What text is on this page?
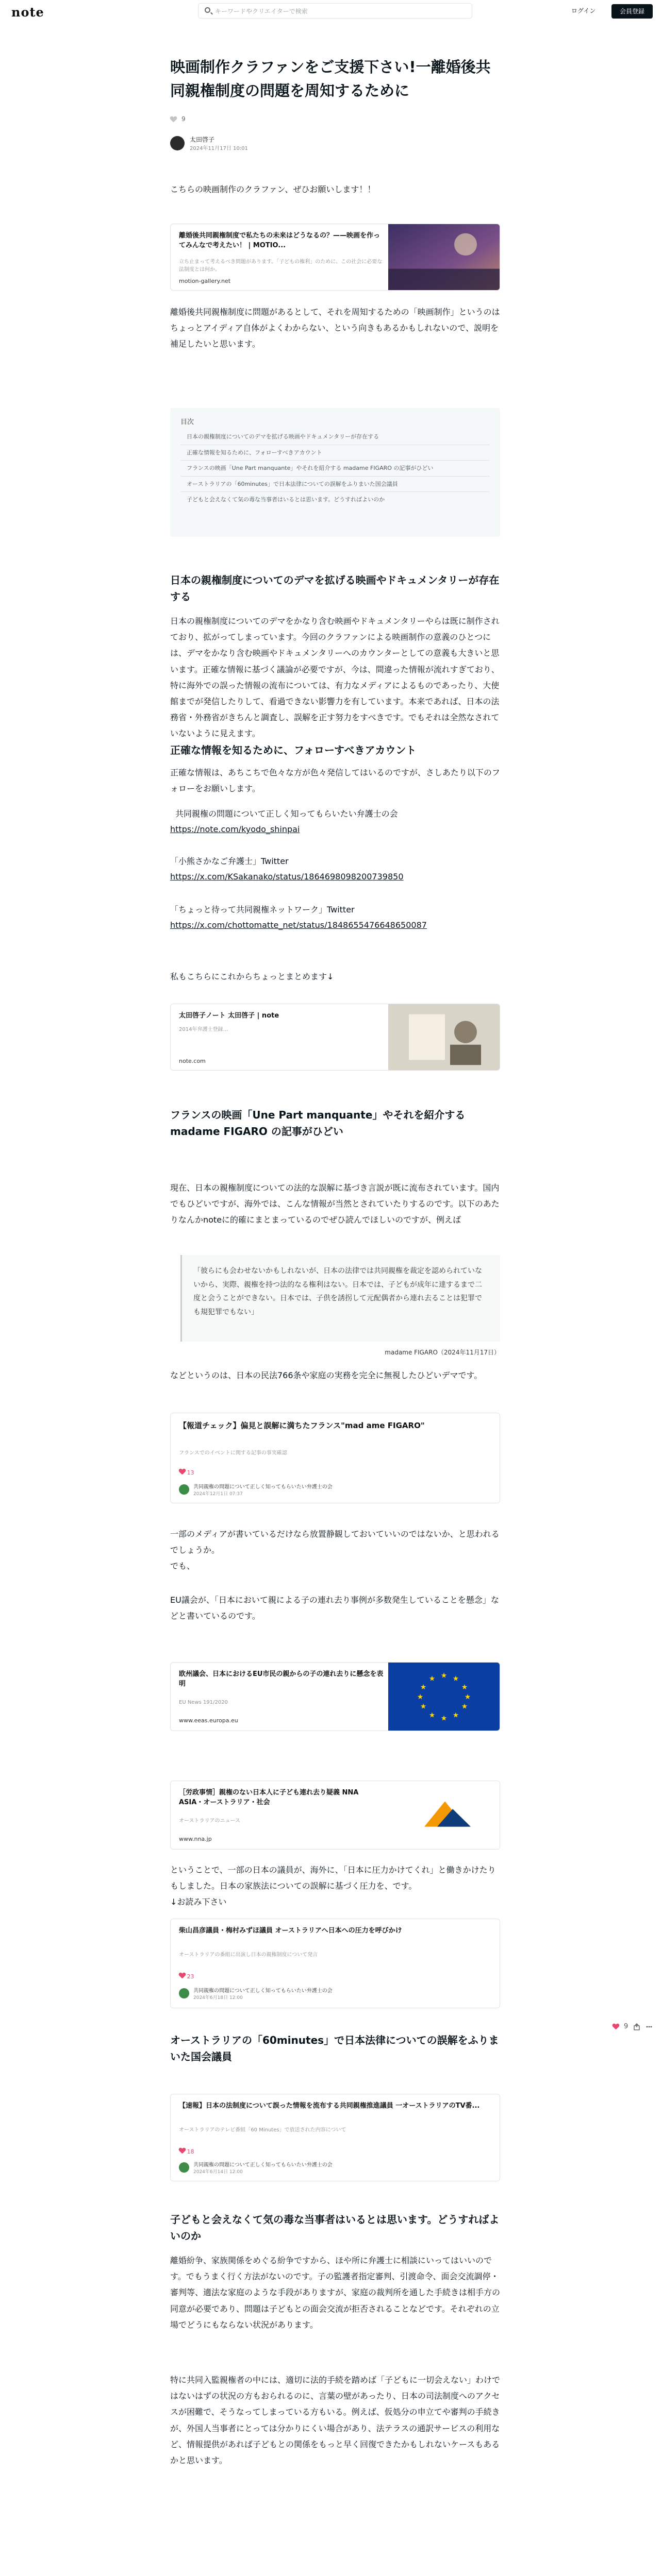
note
キーワードやクリエイターで検索	ログイン	会員登録
映画制作クラファンをご支援下さい!一離婚後共同親権制度の問題を周知するために
9
太田啓子
2024年11月17日 10:01

こちらの映画制作のクラファン、ぜひお願いします！！

離婚後共同親権制度で私たちの未来はどうなるの？——映画を作ってみんなで考えたい！ | MOTIO...
立ち止まって考えるべき問題があります。「子どもの権利」のために、この社会に必要な法制度とは何か。
motion-gallery.net

離婚後共同親権制度に問題があるとして、それを周知するための「映画制作」というのはちょっとアイディア自体がよくわからない、という向きもあるかもしれないので、説明を補足したいと思います。

目次
日本の親権制度についてのデマを拡げる映画やドキュメンタリーが存在する
正確な情報を知るために、フォローすべきアカウント
フランスの映画「Une Part manquante」やそれを紹介する madame FIGARO の記事がひどい
オーストラリアの「60minutes」で日本法律についての誤解をふりまいた国会議員
子どもと会えなくて気の毒な当事者はいるとは思います。どうすればよいのか
日本の親権制度についてのデマを拡げる映画やドキュメンタリーが存在する

日本の親権制度についてのデマをかなり含む映画やドキュメンタリーやらは既に制作されており、拡がってしまっています。今回のクラファンによる映画制作の意義のひとつには、デマをかなり含む映画やドキュメンタリーへのカウンターとしての意義も大きいと思います。正確な情報に基づく議論が必要ですが、今は、間違った情報が流れすぎており、特に海外での誤った情報の流布については、有力なメディアによるものであったり、大使館までが発信したりして、看過できない影響力を有しています。本来であれば、日本の法務省・外務省がきちんと調査し、誤解を正す努力をすべきです。でもそれは全然なされていないように見えます。

正確な情報を知るために、フォローすべきアカウント

正確な情報は、あちこちで色々な方が色々発信してはいるのですが、さしあたり以下のフォローをお願いします。

共同親権の問題について正しく知ってもらいたい弁護士の会

https://note.com/kyodo_shinpai

「小熊さかなご弁護士」Twitter

https://x.com/KSakanako/status/1864698098200739850

「ちょっと待って共同親権ネットワーク」Twitter

https://x.com/chottomatte_net/status/1848655476648650087

私もこちらにこれからちょっとまとめます↓

太田啓子ノート 太田啓子 | note
2014年弁護士登録…
note.com
フランスの映画「Une Part manquante」やそれを紹介するmadame FIGARO の記事がひどい

現在、日本の親権制度についての法的な誤解に基づき言説が既に流布されています。国内でもひどいですが、海外では、こんな情報が当然とされていたりするのです。以下のあたりなんかnoteに的確にまとまっているのでぜひ読んでほしいのですが、例えば

「彼らにも会わせないかもしれないが、日本の法律では共同親権を裁定を認められていないから、実際、親権を持つ法的なる権利はない。日本では、子どもが成年に達するまで二度と会うことができない。日本では、子供を誘拐して元配偶者から連れ去ることは犯罪でも規犯罪でもない」
madame FIGARO（2024年11月17日）

などというのは、日本の民法766条や家庭の実務を完全に無視したひどいデマです。

【報道チェック】偏見と誤解に満ちたフランス"mad ame FIGARO"
フランスでのイベントに関する記事の事実確認
13
共同親権の問題について正しく知ってもらいたい弁護士の会
2024年12月1日 07:37

一部のメディアが書いているだけなら放置静観しておいていいのではないか、と思われるでしょうか。

でも、

EU議会が、「日本において親による子の連れ去り事例が多数発生していることを懸念」などと書いているのです。

欧州議会、日本におけるEU市民の親からの子の連れ去りに懸念を表明
EU News 191/2020
www.eeas.europa.eu
★ ★
★
★
★
★
★
★
★
★
★
★
［労政事情］親権のない日本人に子ども連れ去り疑義 NNA ASIA・オーストラリア・社会
オーストラリアのニュース
www.nna.jp

ということで、一部の日本の議員が、海外に、「日本に圧力かけてくれ」と働きかけたりもしました。日本の家族法についての誤解に基づく圧力を、です。

↓お読み下さい

柴山昌彦議員・梅村みずほ議員 オーストラリアへ日本への圧力を呼びかけ
オーストラリアの番組に出演し日本の親権制度について発言
23
共同親権の問題について正しく知ってもらいたい弁護士の会
2024年6月18日 12:00
オーストラリアの「60minutes」で日本法律についての誤解をふりまいた国会議員
【速報】日本の法制度について誤った情報を流布する共同親権推進議員 一オーストラリアのTV番...
オーストラリアのテレビ番組「60 Minutes」で放送された内容について
18
共同親権の問題について正しく知ってもらいたい弁護士の会
2024年6月14日 12:00
子どもと会えなくて気の毒な当事者はいるとは思います。どうすればよいのか

離婚紛争、家族関係をめぐる紛争ですから、ほや所に弁護士に相談にいってはいいのです。でもうまく行く方法がないのです。子の監護者指定審判、引渡命令、面会交流調停・審判等、適法な家庭のような手段がありますが、家庭の裁判所を通した手続きは相手方の同意が必要であり、問題は子どもとの面会交流が拒否されることなどです。それぞれの立場でどうにもならない状況があります。

特に共同入監親権者の中には、適切に法的手続を踏めば「子どもに一切会えない」わけではないはずの状況の方もおられるのに、言葉の壁があったり、日本の司法制度へのアクセスが困難で、そうなってしまっている方もいる。例えば、仮処分の申立てや審判の手続きが、外国人当事者にとっては分かりにくい場合があり、法テラスの通訳サービスの利用など、情報提供があれば子どもとの関係をもっと早く回復できたかもしれないケースもあるかと思います。

9
